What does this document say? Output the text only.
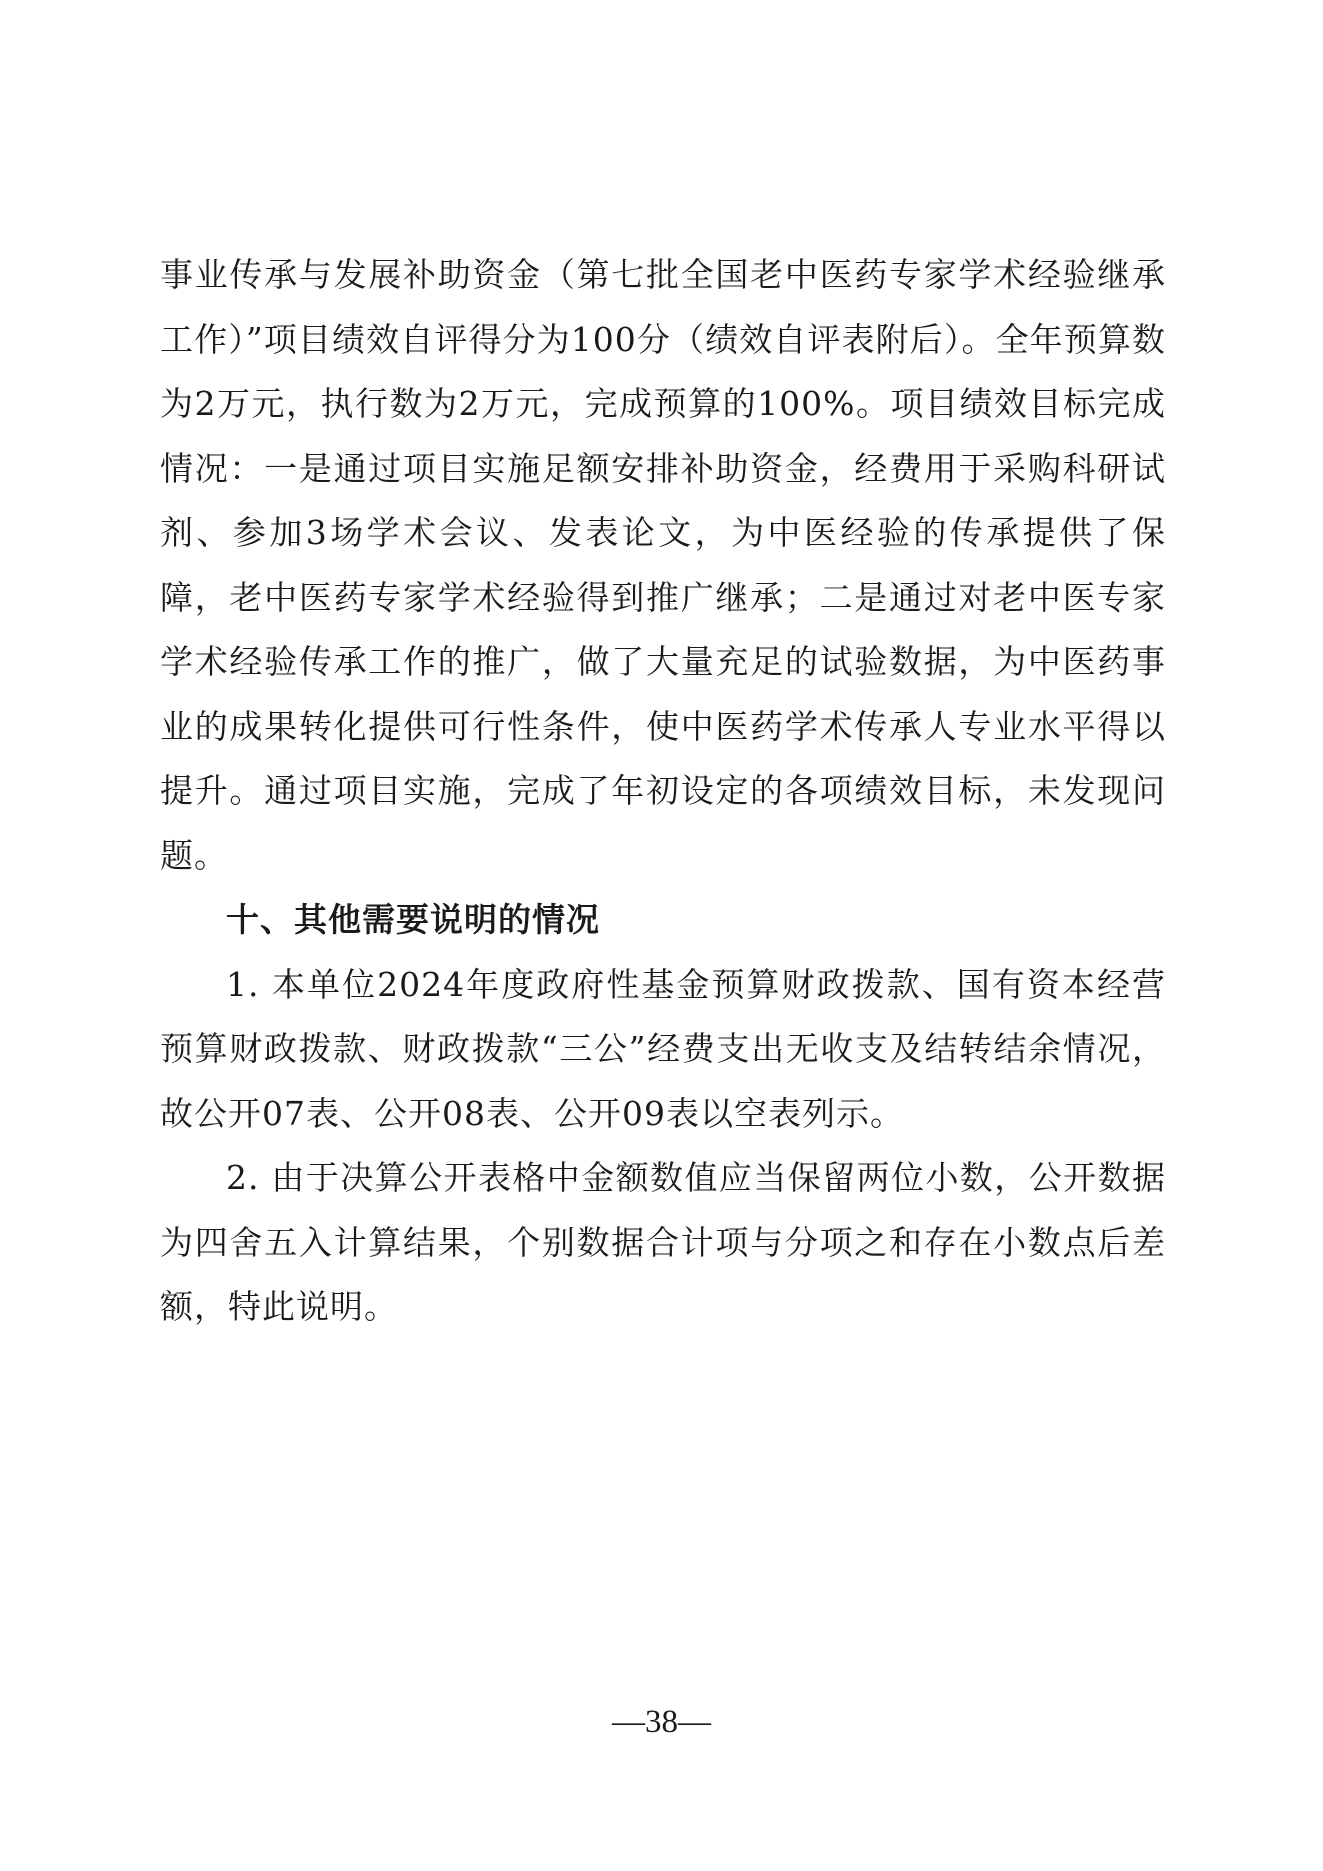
事业传承与发展补助资金（第七批全国老中医药专家学术经验继承工作）”项目绩效自评得分为100分（绩效自评表附后）。全年预算数为2万元，执行数为2万元，完成预算的100%。项目绩效目标完成情况：一是通过项目实施足额安排补助资金，经费用于采购科研试剂、参加3场学术会议、发表论文，为中医经验的传承提供了保障，老中医药专家学术经验得到推广继承；二是通过对老中医专家学术经验传承工作的推广，做了大量充足的试验数据，为中医药事业的成果转化提供可行性条件，使中医药学术传承人专业水平得以提升。通过项目实施，完成了年初设定的各项绩效目标，未发现问题。

十、其他需要说明的情况

1. 本单位2024年度政府性基金预算财政拨款、国有资本经营预算财政拨款、财政拨款“三公”经费支出无收支及结转结余情况，故公开07表、公开08表、公开09表以空表列示。

2. 由于决算公开表格中金额数值应当保留两位小数，公开数据为四舍五入计算结果，个别数据合计项与分项之和存在小数点后差额，特此说明。

—38—
